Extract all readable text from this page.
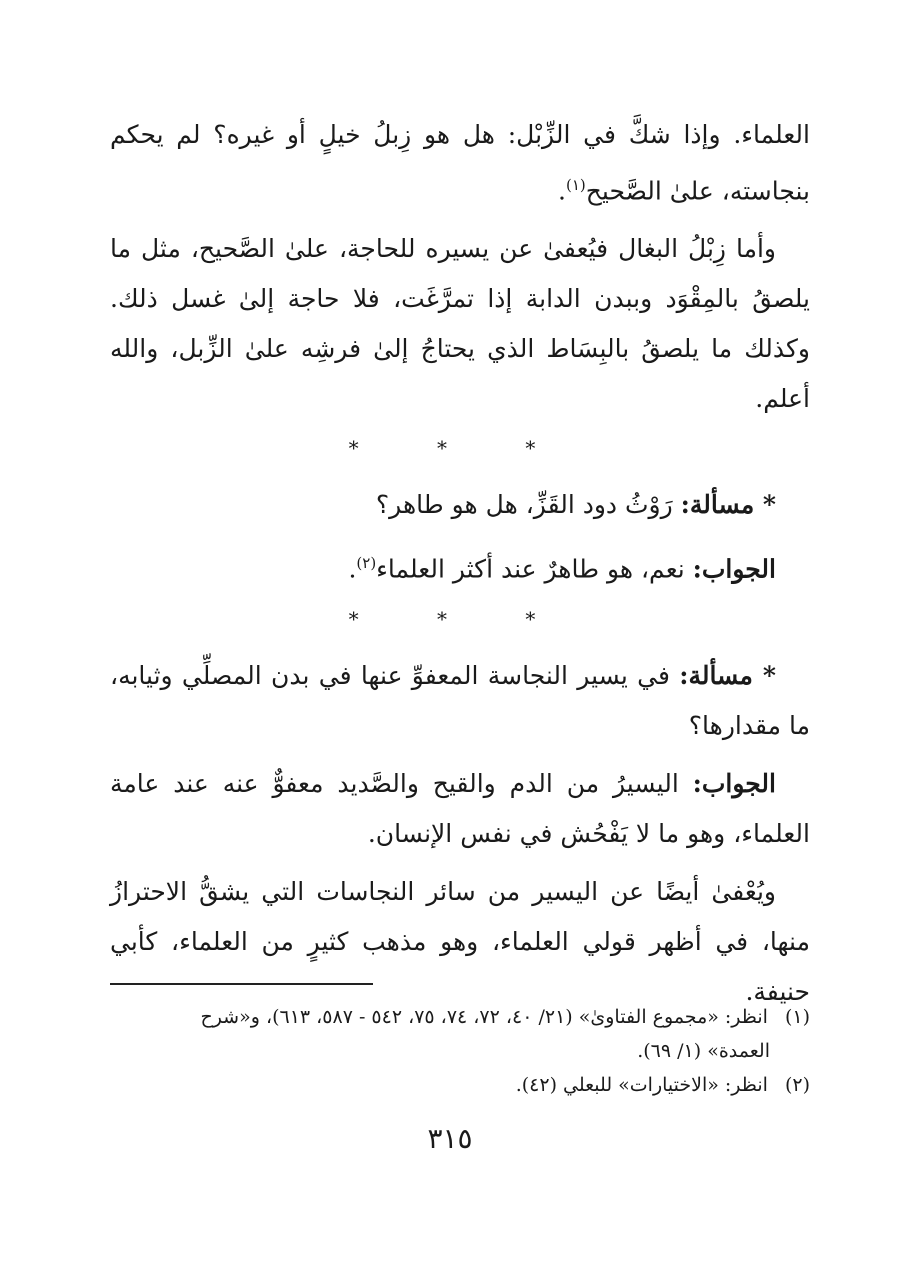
العلماء. وإذا شكَّ في الزِّبْل: هل هو زِبلُ خيلٍ أو غيره؟ لم يحكم بنجاسته، علىٰ الصَّحيح$^{(١)}$.

وأما زِبْلُ البغال فيُعفىٰ عن يسيره للحاجة، علىٰ الصَّحيح، مثل ما يلصقُ بالمِقْوَد وببدن الدابة إذا تمرَّغَت، فلا حاجة إلىٰ غسل ذلك. وكذلك ما يلصقُ بالبِسَاط الذي يحتاجُ إلىٰ فرشِه علىٰ الزِّبل، والله أعلم.

* * *

* مسألة: رَوْثُ دود القَزِّ، هل هو طاهر؟

الجواب: نعم، هو طاهرٌ عند أكثر العلماء$^{(٢)}$.

* * *

* مسألة: في يسير النجاسة المعفوِّ عنها في بدن المصلِّي وثيابه، ما مقدارها؟

الجواب: اليسيرُ من الدم والقيح والصَّديد معفوٌّ عنه عند عامة العلماء، وهو ما لا يَفْحُش في نفس الإنسان.

ويُعْفىٰ أيضًا عن اليسير من سائر النجاسات التي يشقُّ الاحترازُ منها، في أظهر قولي العلماء، وهو مذهب كثيرٍ من العلماء، كأبي حنيفة.

(١) انظر: «مجموع الفتاوىٰ» (٢١/ ٤٠، ٧٢، ٧٤، ٧٥، ٥٤٢ - ٥٨٧، ٦١٣)، و«شرح

العمدة» (١/ ٦٩).

(٢) انظر: «الاختيارات» للبعلي (٤٢).

٣١٥
